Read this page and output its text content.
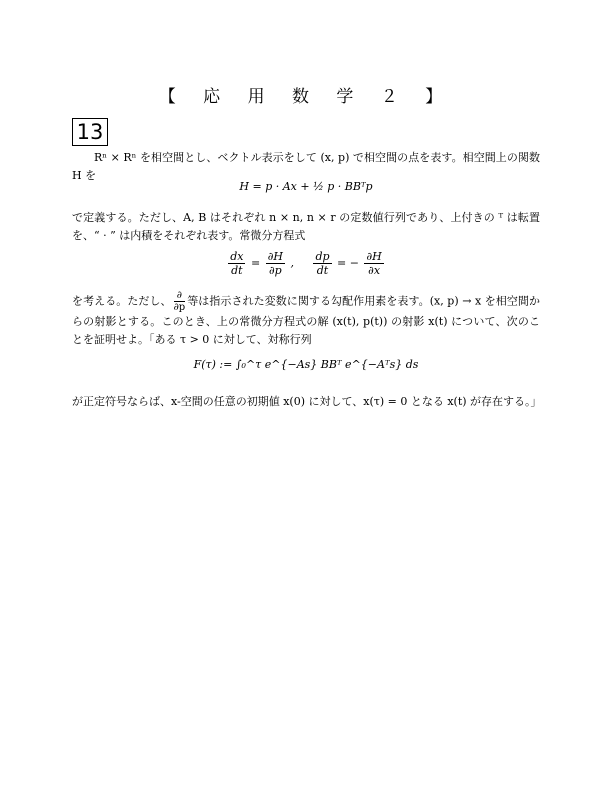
【 応 用 数 学 ２ 】
13
Rⁿ × Rⁿ を相空間とし、ベクトル表示をして (x, p) で相空間の点を表す。相空間上の関数 H を
H = p · Ax + ½ p · BBᵀp
で定義する。ただし、A, B はそれぞれ n × n, n × r の定数値行列であり、上付きの ᵀ は転置を、“ · ” は内積をそれぞれ表す。常微分方程式
$\frac{dx}{dt} = \frac{\partial H}{\partial p}$ , $\frac{dp}{dt}$ = − $\frac{\partial H}{\partial x}$
を考える。ただし、 $\frac{\partial}{\partial p}$ 等は指示された変数に関する勾配作用素を表す。(x, p) → x を相空間からの射影とする。このとき、上の常微分方程式の解 (x(t), p(t)) の射影 x(t) について、次のことを証明せよ。「ある τ > 0 に対して、対称行列
F(τ) := ∫₀^τ e^{−As} BBᵀ e^{−Aᵀs} ds
が正定符号ならば、x-空間の任意の初期値 x(0) に対して、x(τ) = 0 となる x(t) が存在する。」
